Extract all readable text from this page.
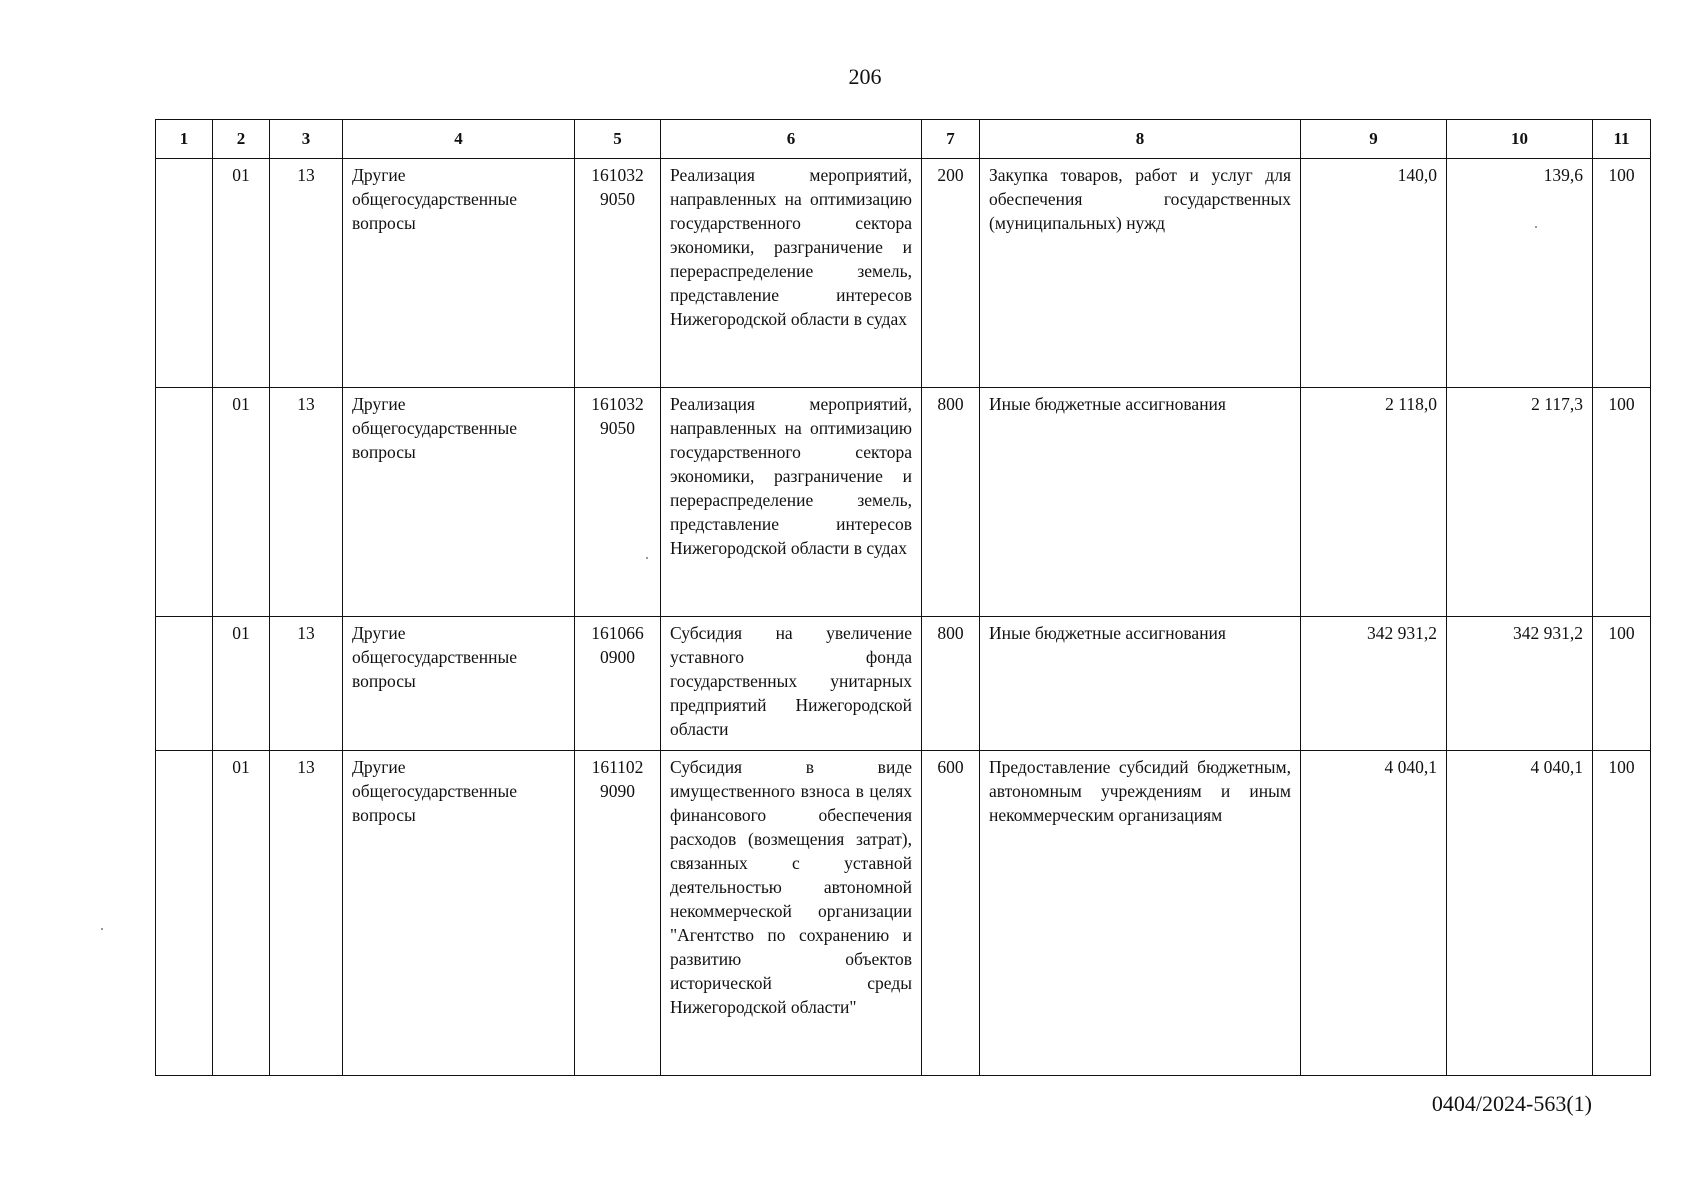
206
1	2	3	4	5	6	7	8	9	10	11
	01	13	Другие общегосударственные вопросы	161032 9050	Реализация мероприятий, направленных на оптимизацию государственного сектора экономики, разграничение и перераспределение земель, представление интересов Нижегородской области в судах	200	Закупка товаров, работ и услуг для обеспечения государственных (муниципальных) нужд	140,0	139,6	100
	01	13	Другие общегосударственные вопросы	161032 9050	Реализация мероприятий, направленных на оптимизацию государственного сектора экономики, разграничение и перераспределение земель, представление интересов Нижегородской области в судах	800	Иные бюджетные ассигнования	2 118,0	2 117,3	100
	01	13	Другие общегосударственные вопросы	161066 0900	Субсидия на увеличение уставного фонда государственных унитарных предприятий Нижегородской области	800	Иные бюджетные ассигнования	342 931,2	342 931,2	100
	01	13	Другие общегосударственные вопросы	161102 9090	Субсидия в виде имущественного взноса в целях финансового обеспечения расходов (возмещения затрат), связанных с уставной деятельностью автономной некоммерческой организации "Агентство по сохранению и развитию объектов исторической среды Нижегородской области"	600	Предоставление субсидий бюджетным, автономным учреждениям и иным некоммерческим организациям	4 040,1	4 040,1	100
0404/2024-563(1)
